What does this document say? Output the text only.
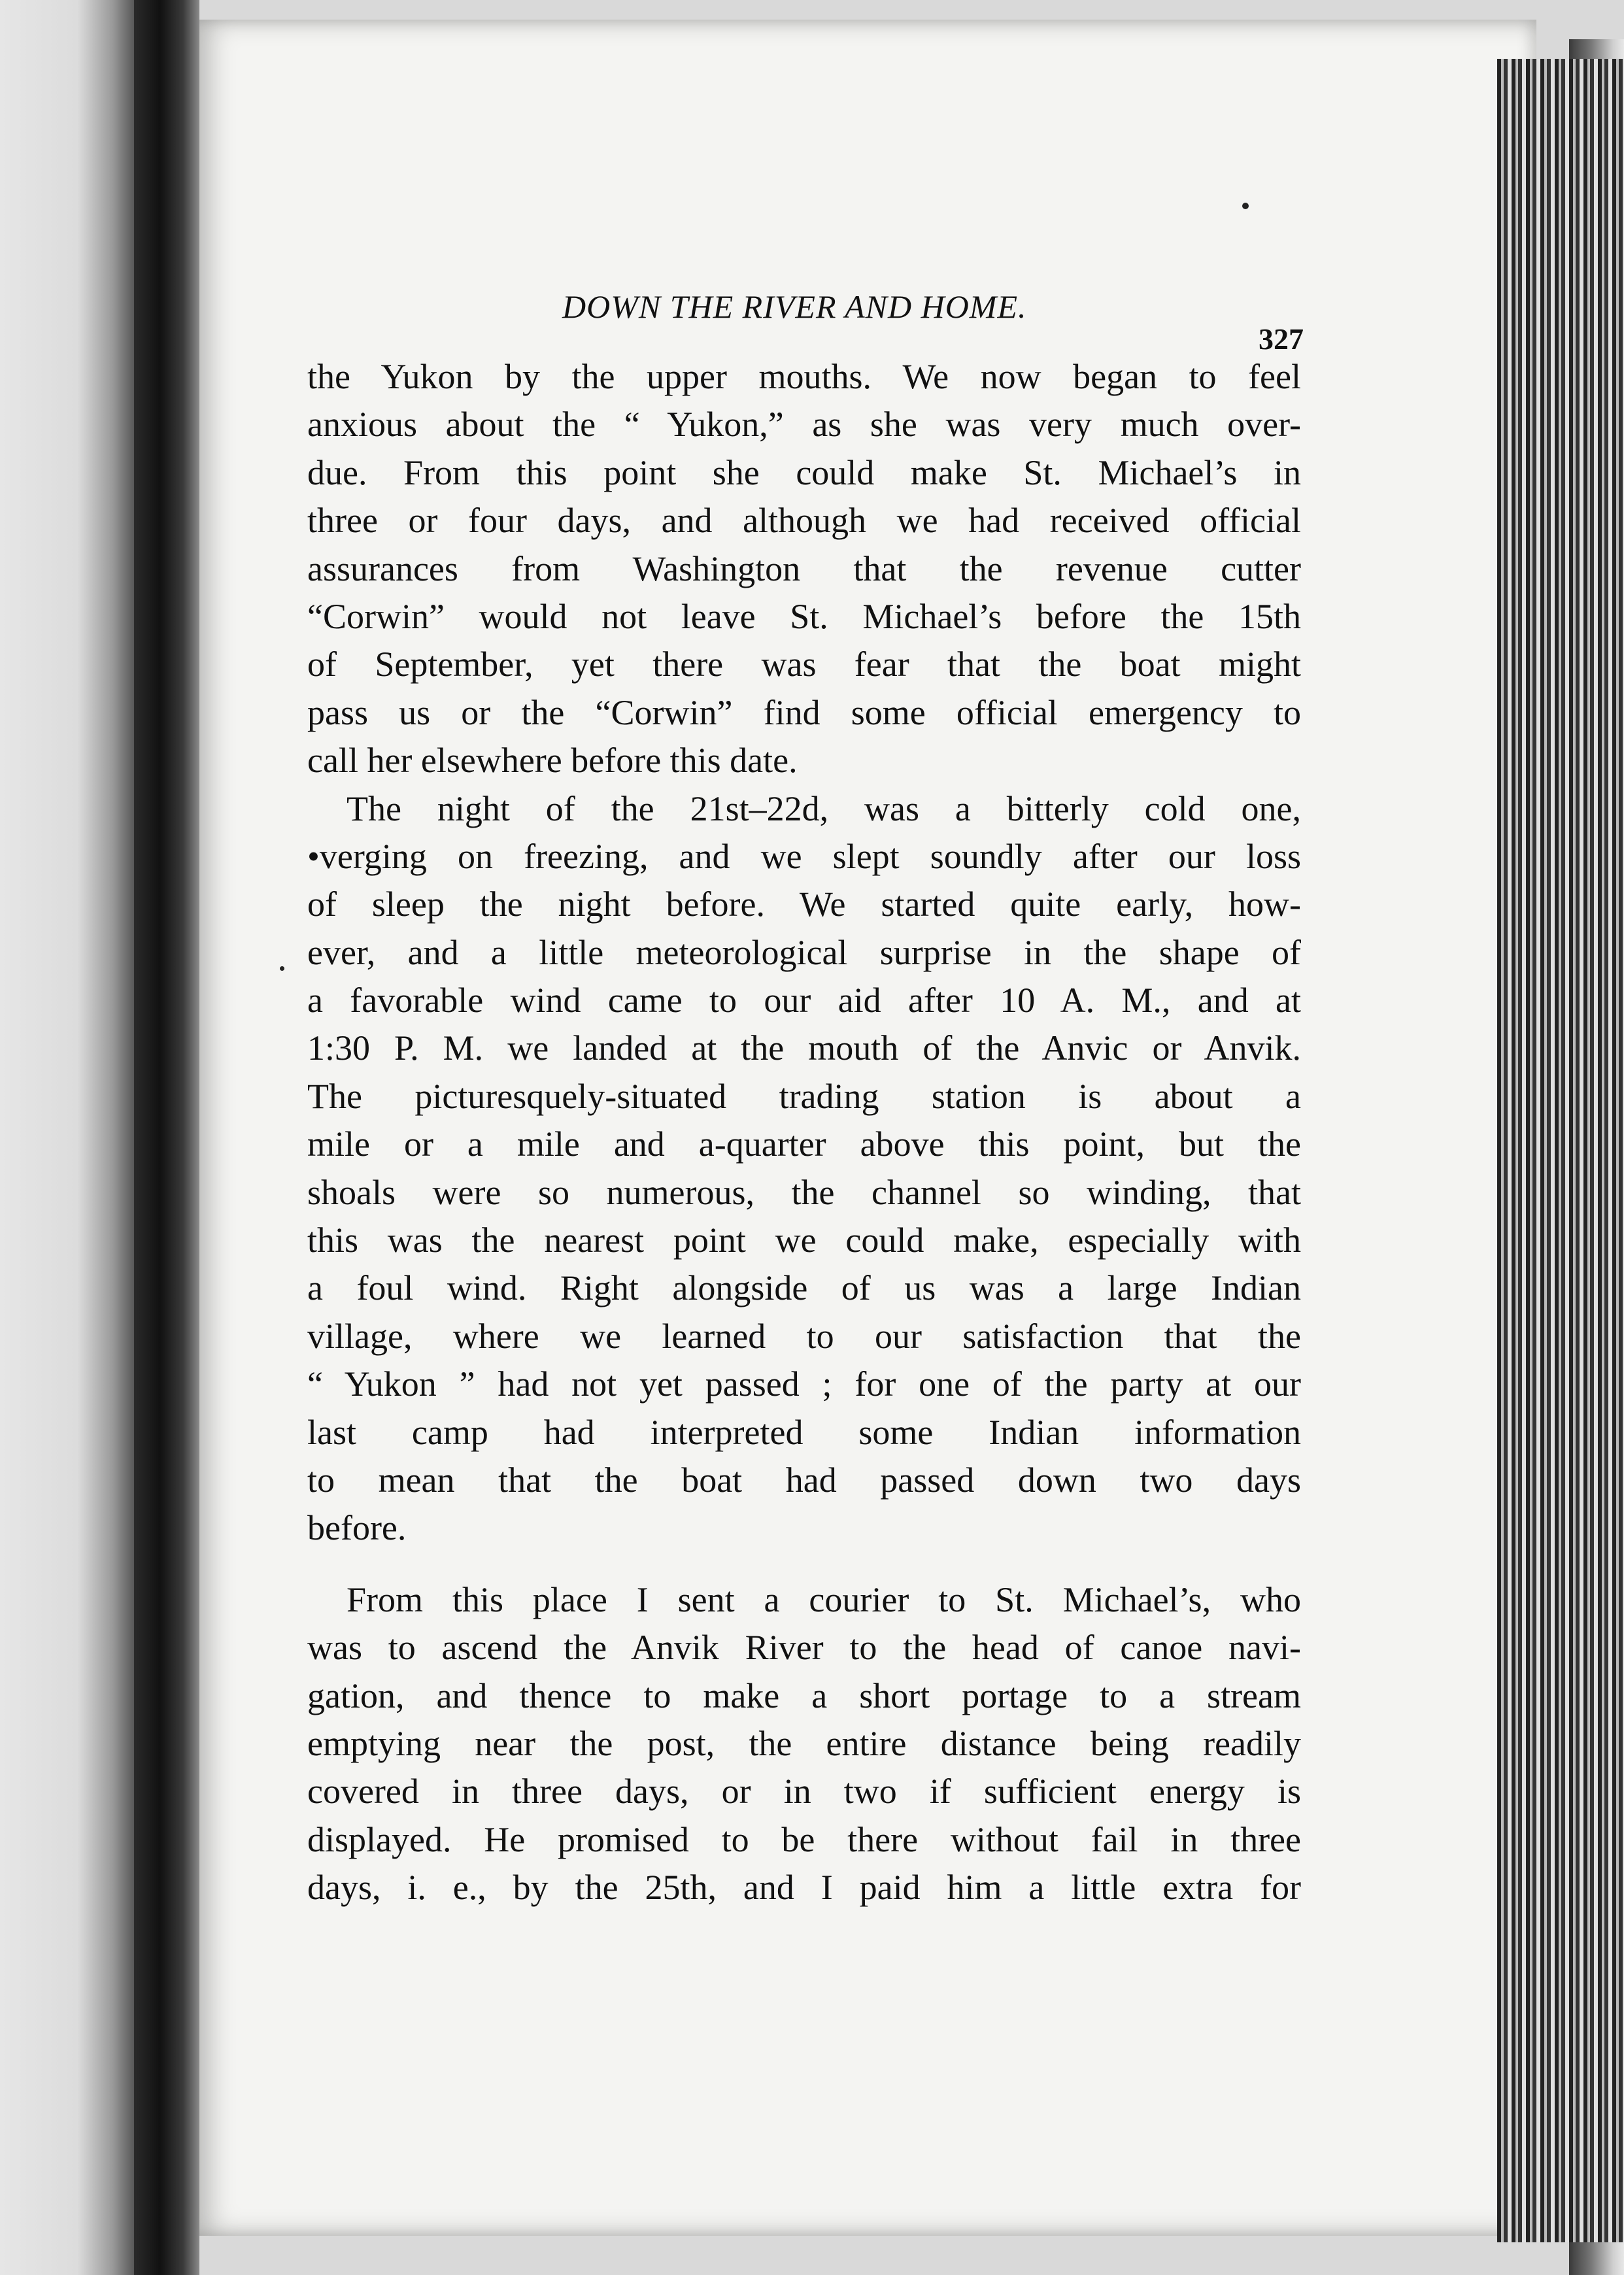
DOWN THE RIVER AND HOME.
327
the Yukon by the upper mouths. We now began to feel
anxious about the “ Yukon,” as she was very much over-
due. From this point she could make St. Michael’s in
three or four days, and although we had received official
assurances from Washington that the revenue cutter
“Corwin” would not leave St. Michael’s before the 15th
of September, yet there was fear that the boat might
pass us or the “Corwin” find some official emergency to
call her elsewhere before this date.
The night of the 21st–22d, was a bitterly cold one,
•verging on freezing, and we slept soundly after our loss
of sleep the night before. We started quite early, how-
ever, and a little meteorological surprise in the shape of
a favorable wind came to our aid after 10 A. M., and at
1:30 P. M. we landed at the mouth of the Anvic or Anvik.
The picturesquely-situated trading station is about a
mile or a mile and a-quarter above this point, but the
shoals were so numerous, the channel so winding, that
this was the nearest point we could make, especially with
a foul wind. Right alongside of us was a large Indian
village, where we learned to our satisfaction that the
“ Yukon ” had not yet passed ; for one of the party at our
last camp had interpreted some Indian information
to mean that the boat had passed down two days
before.
From this place I sent a courier to St. Michael’s, who
was to ascend the Anvik River to the head of canoe navi-
gation, and thence to make a short portage to a stream
emptying near the post, the entire distance being readily
covered in three days, or in two if sufficient energy is
displayed. He promised to be there without fail in three
days, i. e., by the 25th, and I paid him a little extra for
